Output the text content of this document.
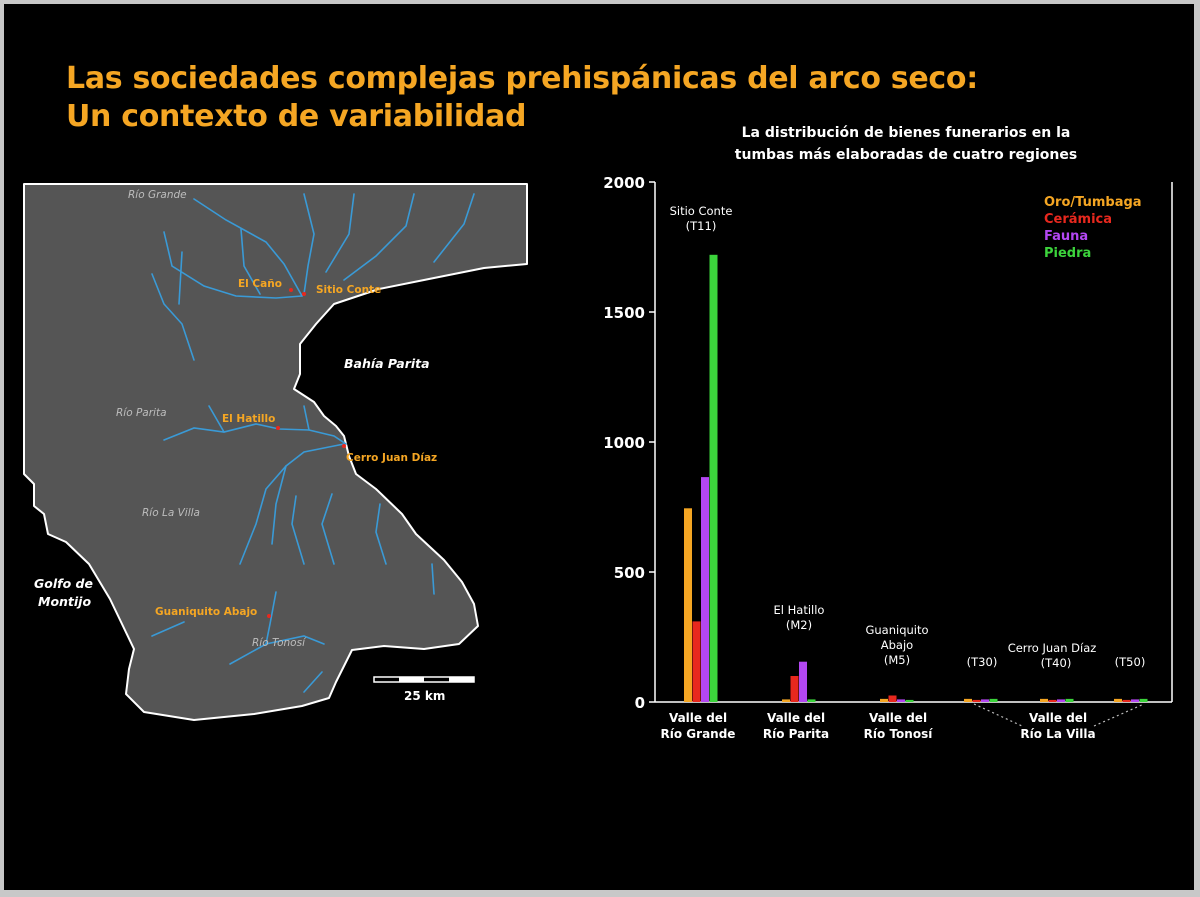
Las sociedades complejas prehispánicas del arco seco:
Un contexto de variabilidad
Río Grande
Río Parita
Río La Villa
Río Tonosí
Bahía Parita
Golfo de
Montijo
El Caño	Sitio Conte
El Hatillo
Cerro Juan Díaz
Guaniquito Abajo
25 km
La distribución de bienes funerarios en la
tumbas más elaboradas de cuatro regiones
0
500
1000
1500
2000
Sitio Conte
(T11)
El Hatillo
(M2)	Guaniquito
Abajo
(M5)	(T30)
Cerro Juan Díaz
(T40)	(T50)
Valle del
Río Grande
Valle del
Río Parita
Valle del
Río Tonosí
Valle del
Río La Villa
Oro/Tumbaga
Cerámica
Fauna
Piedra
